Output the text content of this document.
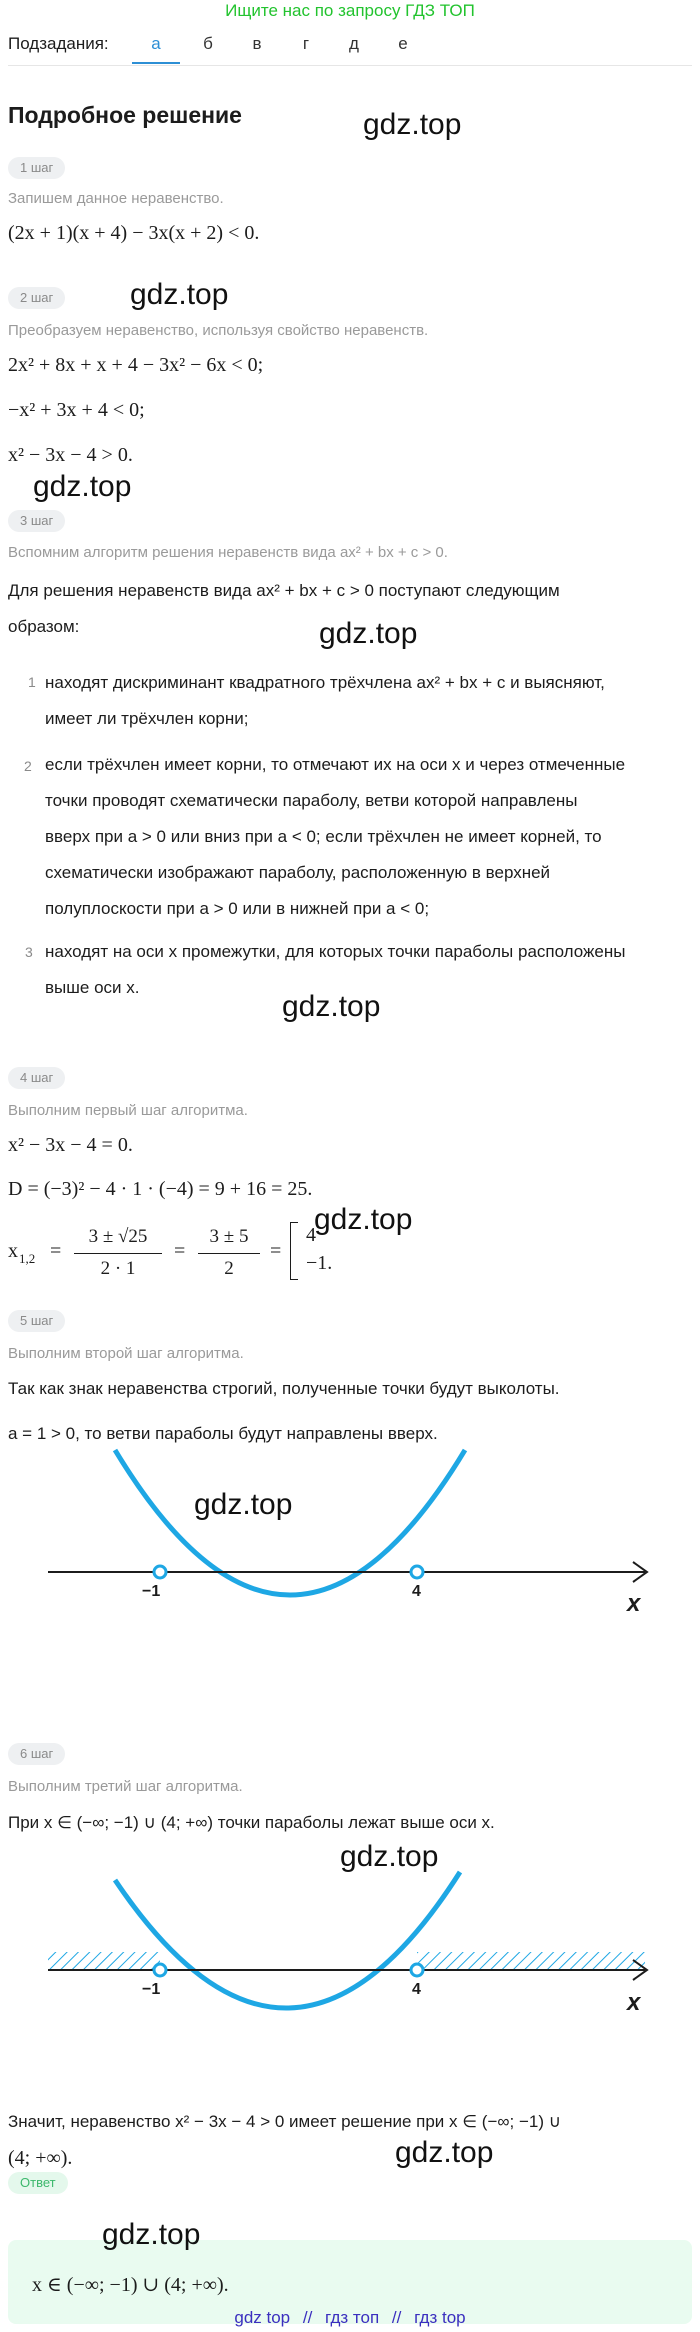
Ищите нас по запросу ГДЗ ТОП
Подзадания:	а	б	в	г	д	е
Подробное решение	gdz.top
1 шаг
Запишем данное неравенство.
(2x + 1)(x + 4) − 3x(x + 2) < 0.
2 шаг	gdz.top
Преобразуем неравенство, используя свойство неравенств.
2x² + 8x + x + 4 − 3x² − 6x < 0;
−x² + 3x + 4 < 0;
x² − 3x − 4 > 0.
gdz.top
3 шаг
Вспомним алгоритм решения неравенств вида ax² + bx + c > 0.
Для решения неравенств вида ax² + bx + c > 0 поступают следующим
образом:	gdz.top
1 находят дискриминант квадратного трёхчлена ax² + bx + c и выясняют,
имеет ли трёхчлен корни;
2 если трёхчлен имеет корни, то отмечают их на оси x и через отмеченные
точки проводят схематически параболу, ветви которой направлены
вверх при a > 0 или вниз при a < 0; если трёхчлен не имеет корней, то
схематически изображают параболу, расположенную в верхней
полуплоскости при a > 0 или в нижней при a < 0;
3 находят на оси x промежутки, для которых точки параболы расположены
выше оси x.
gdz.top
4 шаг
Выполним первый шаг алгоритма.
x² − 3x − 4 = 0.
D = (−3)² − 4 · 1 · (−4) = 9 + 16 = 25.
gdz.top
x 1,2 =
3 ± √25
2 · 1
=
3 ± 5
2
=
4
−1.
5 шаг
Выполним второй шаг алгоритма.
Так как знак неравенства строгий, полученные точки будут выколоты.
a = 1 > 0, то ветви параболы будут направлены вверх.
gdz.top
−1	4	x
6 шаг
Выполним третий шаг алгоритма.
При x ∈ (−∞; −1) ∪ (4; +∞) точки параболы лежат выше оси x.
gdz.top
−1	4	x
Значит, неравенство x² − 3x − 4 > 0 имеет решение при x ∈ (−∞; −1) ∪
(4; +∞).	gdz.top
Ответ
x ∈ (−∞; −1) ∪ (4; +∞).
gdz.top
gdz top // гдз топ // гдз top
